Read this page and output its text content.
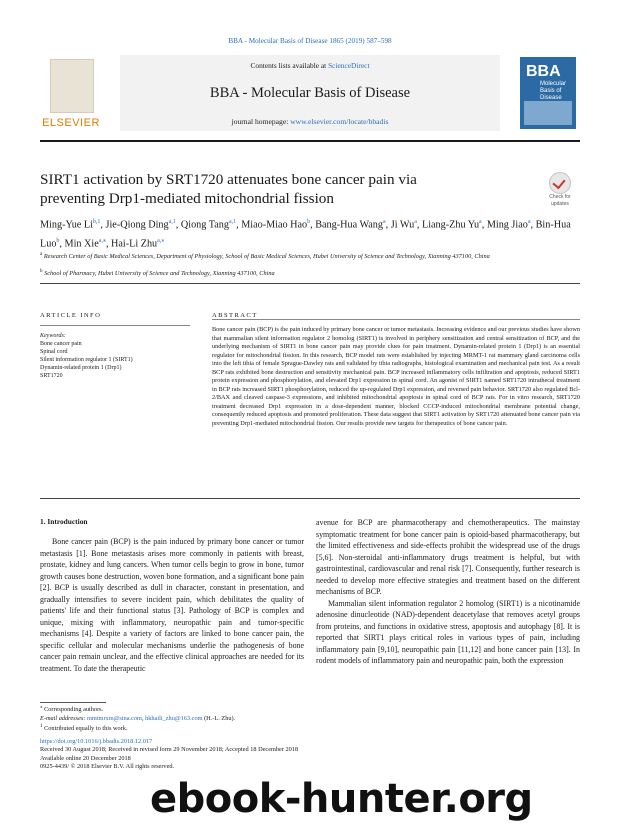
BBA - Molecular Basis of Disease 1865 (2019) 587–598
ELSEVIER
Contents lists available at ScienceDirect
BBA - Molecular Basis of Disease
journal homepage: www.elsevier.com/locate/bbadis
BBA
Molecular Basis of Disease
SIRT1 activation by SRT1720 attenuates bone cancer pain via preventing Drp1-mediated mitochondrial fission	Check for
updates
Ming-Yue Li$^{b,1}$, Jie-Qiong Ding$^{a,1}$, Qiong Tang$^{a,1}$, Miao-Miao Hao$^b$, Bang-Hua Wang$^a$, Ji Wu$^a$, Liang-Zhu Yu$^a$, Ming Jiao$^a$, Bin-Hua Luo$^b$, Min Xie$^{a,⁎}$, Hai-Li Zhu$^{a,⁎}$
$^a$ Research Center of Basic Medical Sciences, Department of Physiology, School of Basic Medical Sciences, Hubei University of Science and Technology, Xianning 437100, China
$^b$ School of Pharmacy, Hubei University of Science and Technology, Xianning 437100, China
ARTICLE INFO
Keywords:
Bone cancer pain
Spinal cord
Silent information regulator 1 (SIRT1)
Dynamin-related protein 1 (Drp1)
SRT1720
ABSTRACT
Bone cancer pain (BCP) is the pain induced by primary bone cancer or tumor metastasis. Increasing evidence and our previous studies have shown that mammalian silent information regulator 2 homolog (SIRT1) is involved in periphery sensitization and central sensitization of BCP, and the underlying mechanism of SIRT1 in bone cancer pain may provide clues for pain treatment. Dynamin-related protein 1 (Drp1) is an essential regulator for mitochondrial fission. In this research, BCP model rats were established by injecting MRMT-1 rat mammary gland carcinoma cells into the left tibia of female Sprague-Dawley rats and validated by tibia radiographs, histological examination and mechanical pain test. As a result BCP rats exhibited bone destruction and sensitivity mechanical pain. BCP increased inflammatory cells infiltration and apoptosis, reduced SIRT1 protein expression and phosphorylation, and elevated Drp1 expression in spinal cord. An agonist of SIRT1 named SRT1720 intrathecal treatment in BCP rats increased SIRT1 phosphorylation, reduced the up-regulated Drp1 expression, and reversed pain behavior. SRT1720 also regulated Bcl-2/BAX and cleaved caspase-3 expressions, and inhibited mitochondrial apoptosis in spinal cord of BCP rats. For in vitro research, SRT1720 treatment decreased Drp1 expression in a dose-dependent manner, blocked CCCP-induced mitochondrial membrane potential change, consequently reduced apoptosis and promoted proliferation. These data suggest that SIRT1 activation by SRT1720 attenuated bone cancer pain via preventing Drp1-mediated mitochondrial fission. Our results provide new targets for therapeutics of bone cancer pain.
1. Introduction

Bone cancer pain (BCP) is the pain induced by primary bone cancer or tumor metastasis [1]. Bone metastasis arises more commonly in patients with breast, prostate, kidney and lung cancers. When tumor cells begin to grow in bone, tumor growth causes bone destruction, woven bone formation, and a significant bone pain [2]. BCP is usually described as dull in character, constant in presentation, and gradually intensifies to severe incident pain, which debilitates the quality of patients' life and their functional status [3]. Pathology of BCP is complex and unique, mixing with inflammatory, neuropathic pain and tumor-specific mechanisms [4]. Despite a variety of factors are linked to bone cancer pain, the specific cellular and molecular mechanisms underlie the pathogenesis of bone cancer pain remain unclear, and the effective clinical approaches are needed for its treatment. To date the therapeutic

avenue for BCP are pharmacotherapy and chemotherapeutics. The mainstay symptomatic treatment for bone cancer pain is opioid-based pharmacotherapy, but the limited effectiveness and side-effects prohibit the widespread use of the drugs [5,6]. Non-steroidal anti-inflammatory drugs treatment is helpful, but with gastrointestinal, cardiovascular and renal risk [7]. Consequently, further research is needed to develop more effective strategies and treatment based on the different mechanisms of BCP.

Mammalian silent information regulator 2 homolog (SIRT1) is a nicotinamide adenosine dinucleotide (NAD)-dependent deacetylase that removes acetyl groups from proteins, and functions in oxidative stress, apoptosis and autophagy [8]. It is reported that SIRT1 plays critical roles in various types of pain, including inflammatory pain [9,10], neuropathic pain [11,12] and bone cancer pain [13]. In rodent models of inflammatory pain and neuropathic pain, both the expression

⁎ Corresponding authors.
E-mail addresses: mmtmrxm@sina.com, hkhaili_zhu@163.com (H.-L. Zhu).
$^1$ Contributed equally to this work.
https://doi.org/10.1016/j.bbadis.2018.12.017
Received 30 August 2018; Received in revised form 29 November 2018; Accepted 18 December 2018
Available online 20 December 2018
0925-4439/ © 2018 Elsevier B.V. All rights reserved.
ebook-hunter.org
